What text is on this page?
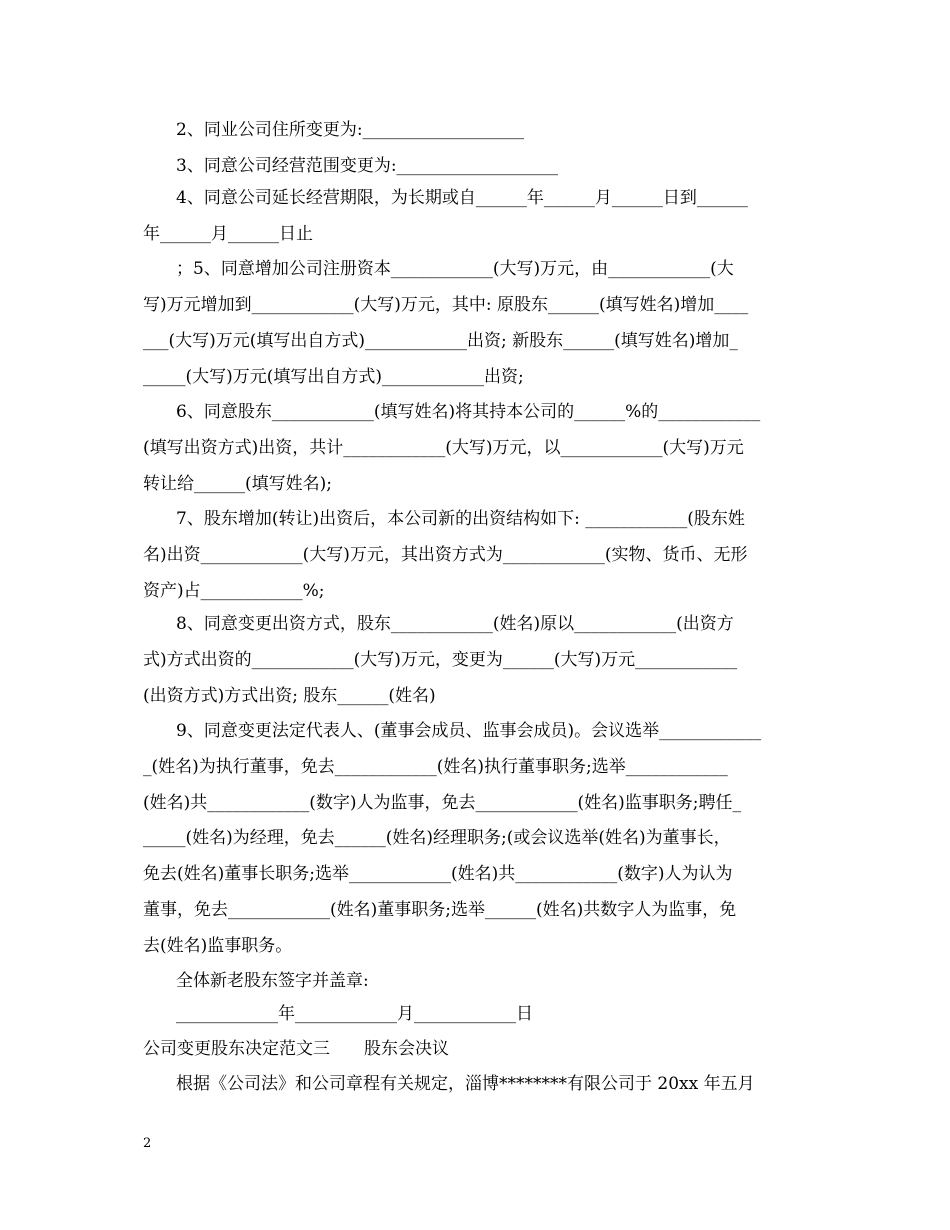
2、同业公司住所变更为:___________________
3、同意公司经营范围变更为:___________________
4、同意公司延长经营期限，为长期或自______年______月______日到______
年______月______日止
；5、同意增加公司注册资本____________(大写)万元，由____________(大
写)万元增加到____________(大写)万元，其中: 原股东______(填写姓名)增加____
___(大写)万元(填写出自方式)____________出资; 新股东______(填写姓名)增加_
_____(大写)万元(填写出自方式)____________出资;
6、同意股东____________(填写姓名)将其持本公司的______%的____________
(填写出资方式)出资，共计____________(大写)万元，以____________(大写)万元
转让给______(填写姓名);
7、股东增加(转让)出资后，本公司新的出资结构如下: ____________(股东姓
名)出资____________(大写)万元，其出资方式为____________(实物、货币、无形
资产)占____________%;
8、同意变更出资方式，股东____________(姓名)原以____________(出资方
式)方式出资的____________(大写)万元，变更为______(大写)万元____________
(出资方式)方式出资; 股东______(姓名)
9、同意变更法定代表人、(董事会成员、监事会成员)。会议选举____________
_(姓名)为执行董事，免去____________(姓名)执行董事职务;选举____________
(姓名)共____________(数字)人为监事，免去____________(姓名)监事职务;聘任_
_____(姓名)为经理，免去______(姓名)经理职务;(或会议选举(姓名)为董事长，
免去(姓名)董事长职务;选举____________(姓名)共____________(数字)人为认为
董事，免去____________(姓名)董事职务;选举______(姓名)共数字人为监事，免
去(姓名)监事职务。
全体新老股东签字并盖章:
____________年____________月____________日
公司变更股东决定范文三　　股东会决议
根据《公司法》和公司章程有关规定，淄博********有限公司于 20xx 年五月
2
